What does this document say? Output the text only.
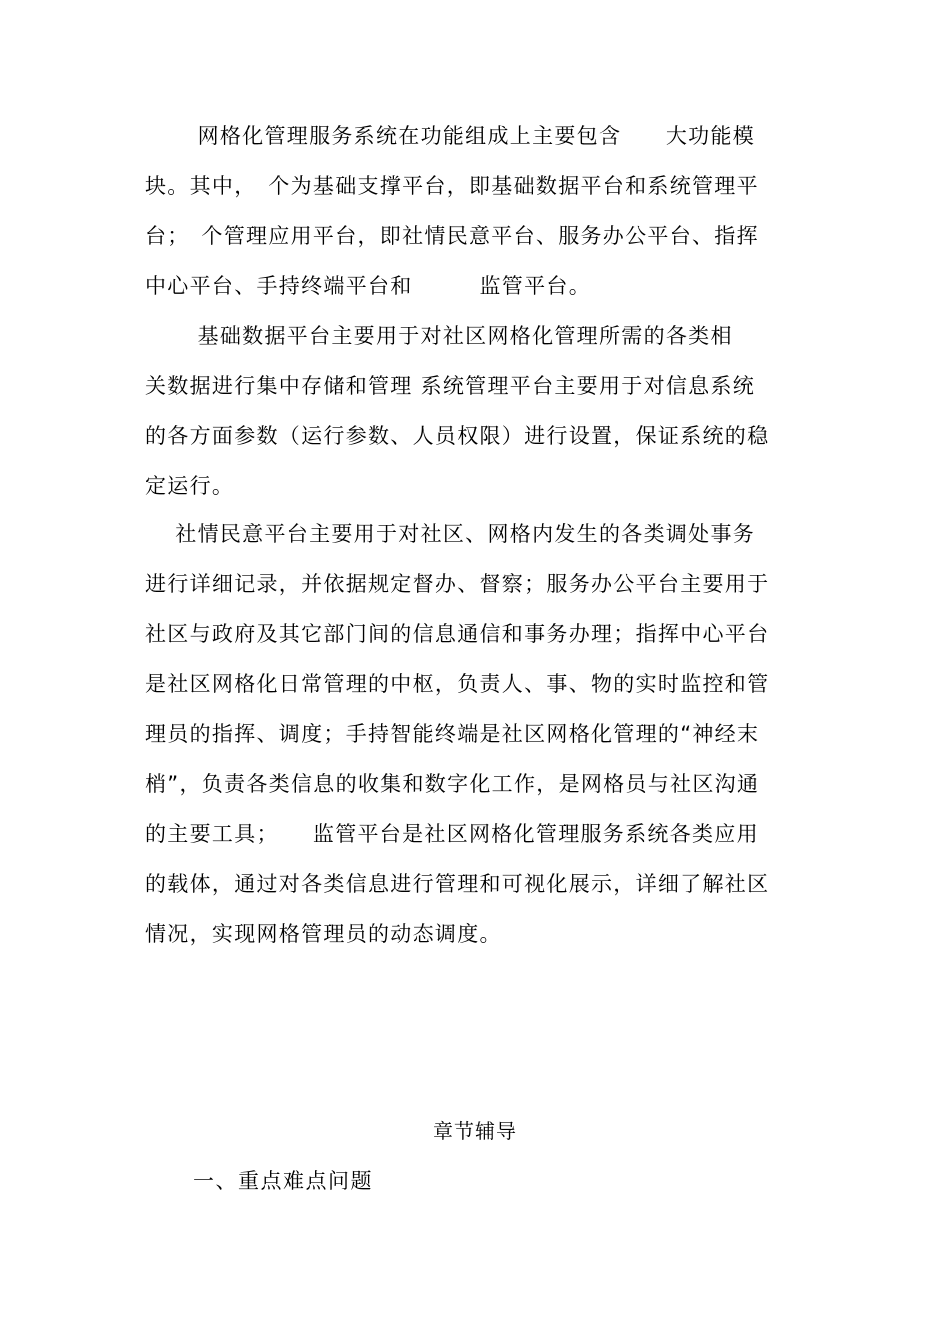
　　 网格化管理服务系统在功能组成上主要包含　　大功能模
块。其中，　个为基础支撑平台，即基础数据平台和系统管理平
台；　个管理应用平台，即社情民意平台、服务办公平台、指挥
中心平台、手持终端平台和　　　监管平台。
　　 基础数据平台主要用于对社区网格化管理所需的各类相
关数据进行集中存储和管理 系统管理平台主要用于对信息系统
的各方面参数（运行参数、人员权限）进行设置，保证系统的稳
定运行。
　 社情民意平台主要用于对社区、网格内发生的各类调处事务
进行详细记录，并依据规定督办、督察；服务办公平台主要用于
社区与政府及其它部门间的信息通信和事务办理；指挥中心平台
是社区网格化日常管理的中枢，负责人、事、物的实时监控和管
理员的指挥、调度；手持智能终端是社区网格化管理的“神经末
梢”，负责各类信息的收集和数字化工作，是网格员与社区沟通
的主要工具；　　监管平台是社区网格化管理服务系统各类应用
的载体，通过对各类信息进行管理和可视化展示，详细了解社区
情况，实现网格管理员的动态调度。
章节辅导
一、重点难点问题
